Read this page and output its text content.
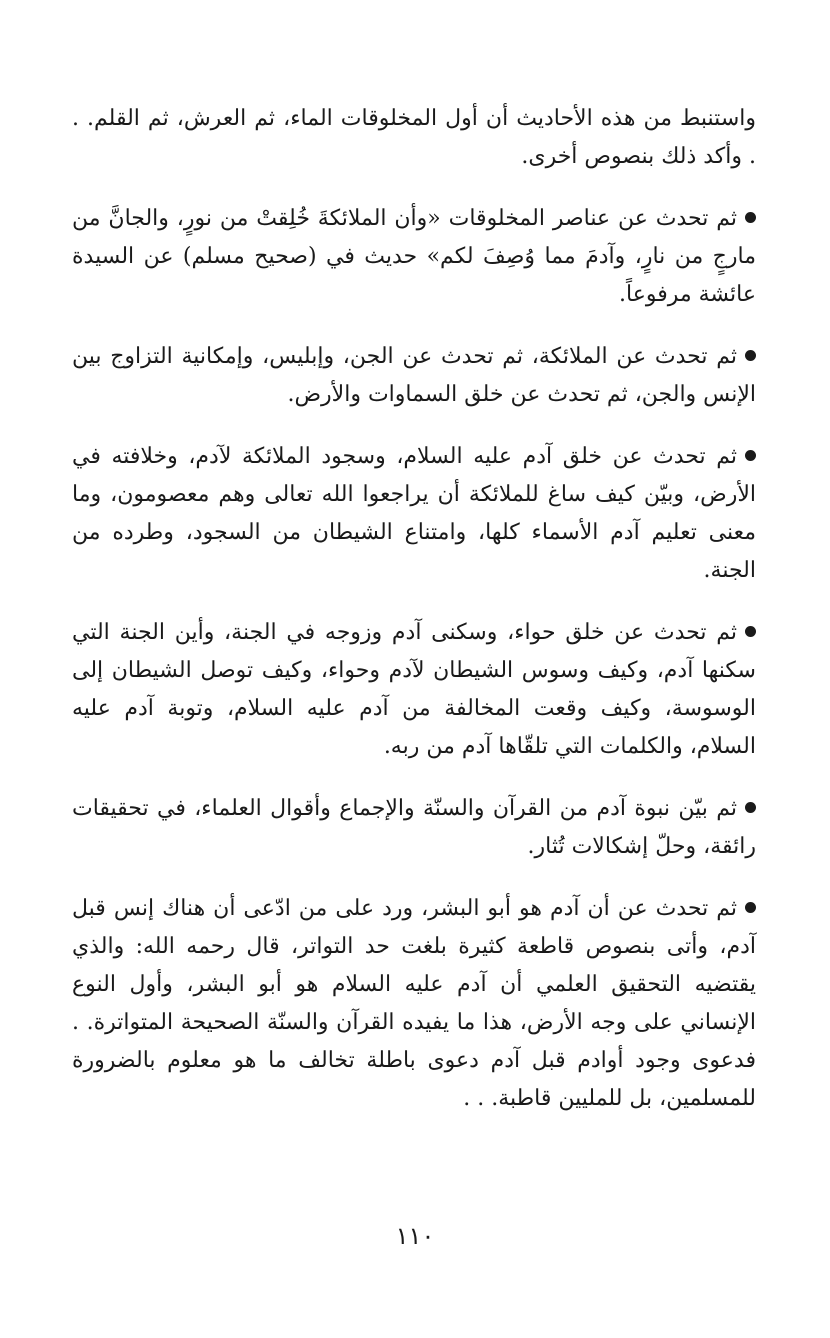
واستنبط من هذه الأحاديث أن أول المخلوقات الماء، ثم العرش، ثم القلم. . . وأكد ذلك بنصوص أخرى.

ثم تحدث عن عناصر المخلوقات «وأن الملائكةَ خُلِقتْ من نورٍ، والجانَّ من مارجٍ من نارٍ، وآدمَ مما وُصِفَ لكم» حديث في (صحيح مسلم) عن السيدة عائشة مرفوعاً.

ثم تحدث عن الملائكة، ثم تحدث عن الجن، وإبليس، وإمكانية التزاوج بين الإنس والجن، ثم تحدث عن خلق السماوات والأرض.

ثم تحدث عن خلق آدم عليه السلام، وسجود الملائكة لآدم، وخلافته في الأرض، وبيّن كيف ساغ للملائكة أن يراجعوا الله تعالى وهم معصومون، وما معنى تعليم آدم الأسماء كلها، وامتناع الشيطان من السجود، وطرده من الجنة.

ثم تحدث عن خلق حواء، وسكنى آدم وزوجه في الجنة، وأين الجنة التي سكنها آدم، وكيف وسوس الشيطان لآدم وحواء، وكيف توصل الشيطان إلى الوسوسة، وكيف وقعت المخالفة من آدم عليه السلام، وتوبة آدم عليه السلام، والكلمات التي تلقّاها آدم من ربه.

ثم بيّن نبوة آدم من القرآن والسنّة والإجماع وأقوال العلماء، في تحقيقات رائقة، وحلّ إشكالات تُثار.

ثم تحدث عن أن آدم هو أبو البشر، ورد على من ادّعى أن هناك إنس قبل آدم، وأتى بنصوص قاطعة كثيرة بلغت حد التواتر، قال رحمه الله: والذي يقتضيه التحقيق العلمي أن آدم عليه السلام هو أبو البشر، وأول النوع الإنساني على وجه الأرض، هذا ما يفيده القرآن والسنّة الصحيحة المتواترة. . فدعوى وجود أوادم قبل آدم دعوى باطلة تخالف ما هو معلوم بالضرورة للمسلمين، بل للمليين قاطبة. . .

١١٠
